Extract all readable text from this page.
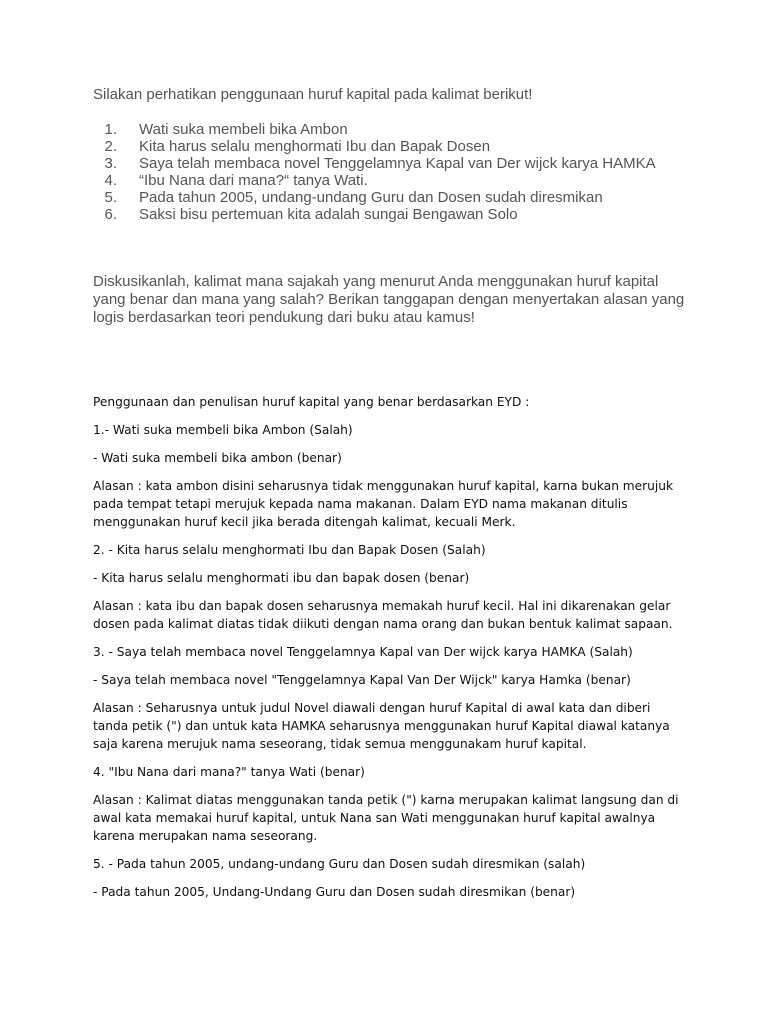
Silakan perhatikan penggunaan huruf kapital pada kalimat berikut!

1. Wati suka membeli bika Ambon
2. Kita harus selalu menghormati Ibu dan Bapak Dosen
3. Saya telah membaca novel Tenggelamnya Kapal van Der wijck karya HAMKA
4. “Ibu Nana dari mana?“ tanya Wati.
5. Pada tahun 2005, undang-undang Guru dan Dosen sudah diresmikan
6. Saksi bisu pertemuan kita adalah sungai Bengawan Solo

Diskusikanlah, kalimat mana sajakah yang menurut Anda menggunakan huruf kapital yang benar dan mana yang salah? Berikan tanggapan dengan menyertakan alasan yang logis berdasarkan teori pendukung dari buku atau kamus!

Penggunaan dan penulisan huruf kapital yang benar berdasarkan EYD :

1.- Wati suka membeli bika Ambon (Salah)

- Wati suka membeli bika ambon (benar)

Alasan : kata ambon disini seharusnya tidak menggunakan huruf kapital, karna bukan merujuk pada tempat tetapi merujuk kepada nama makanan. Dalam EYD nama makanan ditulis menggunakan huruf kecil jika berada ditengah kalimat, kecuali Merk.

2. - Kita harus selalu menghormati Ibu dan Bapak Dosen (Salah)

- Kita harus selalu menghormati ibu dan bapak dosen (benar)

Alasan : kata ibu dan bapak dosen seharusnya memakah huruf kecil. Hal ini dikarenakan gelar dosen pada kalimat diatas tidak diikuti dengan nama orang dan bukan bentuk kalimat sapaan.

3. - Saya telah membaca novel Tenggelamnya Kapal van Der wijck karya HAMKA (Salah)

- Saya telah membaca novel "Tenggelamnya Kapal Van Der Wijck" karya Hamka (benar)

Alasan : Seharusnya untuk judul Novel diawali dengan huruf Kapital di awal kata dan diberi tanda petik (") dan untuk kata HAMKA seharusnya menggunakan huruf Kapital diawal katanya saja karena merujuk nama seseorang, tidak semua menggunakam huruf kapital.

4. "Ibu Nana dari mana?" tanya Wati (benar)

Alasan : Kalimat diatas menggunakan tanda petik (") karna merupakan kalimat langsung dan di awal kata memakai huruf kapital, untuk Nana san Wati menggunakan huruf kapital awalnya karena merupakan nama seseorang.

5. - Pada tahun 2005, undang-undang Guru dan Dosen sudah diresmikan (salah)

- Pada tahun 2005, Undang-Undang Guru dan Dosen sudah diresmikan (benar)
